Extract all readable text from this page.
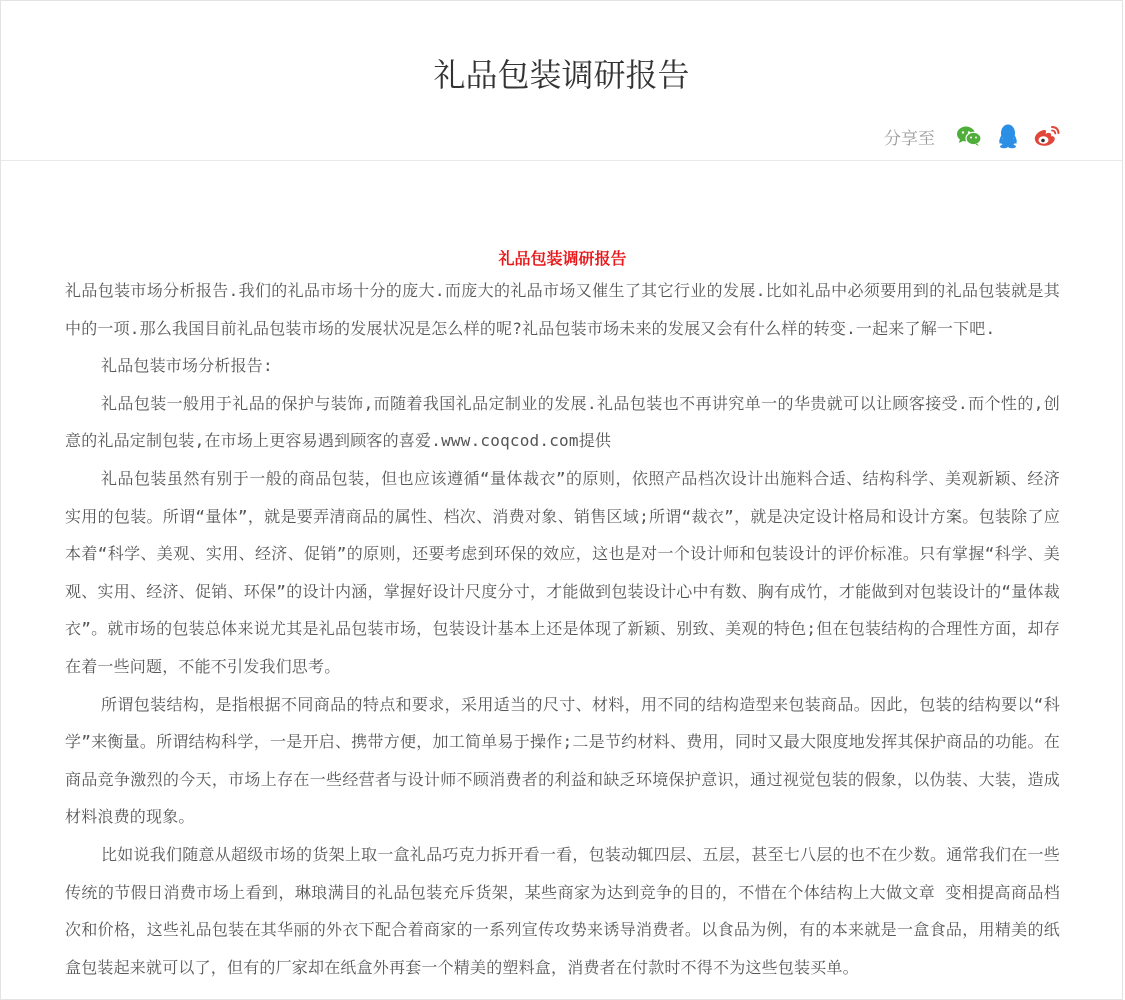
礼品包装调研报告
分享至
礼品包装调研报告

礼品包装市场分析报告.我们的礼品市场十分的庞大.而庞大的礼品市场又催生了其它行业的发展.比如礼品中必须要用到的礼品包装就是其中的一项.那么我国目前礼品包装市场的发展状况是怎么样的呢?礼品包装市场未来的发展又会有什么样的转变.一起来了解一下吧.

礼品包装市场分析报告:

礼品包装一般用于礼品的保护与装饰,而随着我国礼品定制业的发展.礼品包装也不再讲究单一的华贵就可以让顾客接受.而个性的,创意的礼品定制包装,在市场上更容易遇到顾客的喜爱.www.coqcod.com提供

礼品包装虽然有别于一般的商品包装，但也应该遵循“量体裁衣”的原则，依照产品档次设计出施料合适、结构科学、美观新颖、经济实用的包装。所谓“量体”，就是要弄清商品的属性、档次、消费对象、销售区域;所谓“裁衣”，就是决定设计格局和设计方案。包装除了应本着“科学、美观、实用、经济、促销”的原则，还要考虑到环保的效应，这也是对一个设计师和包装设计的评价标准。只有掌握“科学、美观、实用、经济、促销、环保”的设计内涵，掌握好设计尺度分寸，才能做到包装设计心中有数、胸有成竹，才能做到对包装设计的“量体裁衣”。就市场的包装总体来说尤其是礼品包装市场，包装设计基本上还是体现了新颖、别致、美观的特色;但在包装结构的合理性方面，却存在着一些问题，不能不引发我们思考。

所谓包装结构，是指根据不同商品的特点和要求，采用适当的尺寸、材料，用不同的结构造型来包装商品。因此，包装的结构要以“科学”来衡量。所谓结构科学，一是开启、携带方便，加工简单易于操作;二是节约材料、费用，同时又最大限度地发挥其保护商品的功能。在商品竞争激烈的今天，市场上存在一些经营者与设计师不顾消费者的利益和缺乏环境保护意识，通过视觉包装的假象，以伪装、大装，造成材料浪费的现象。

比如说我们随意从超级市场的货架上取一盒礼品巧克力拆开看一看，包装动辄四层、五层，甚至七八层的也不在少数。通常我们在一些传统的节假日消费市场上看到，琳琅满目的礼品包装充斥货架，某些商家为达到竞争的目的，不惜在个体结构上大做文章 变相提高商品档次和价格，这些礼品包装在其华丽的外衣下配合着商家的一系列宣传攻势来诱导消费者。以食品为例，有的本来就是一盒食品，用精美的纸盒包装起来就可以了，但有的厂家却在纸盒外再套一个精美的塑料盒，消费者在付款时不得不为这些包装买单。
